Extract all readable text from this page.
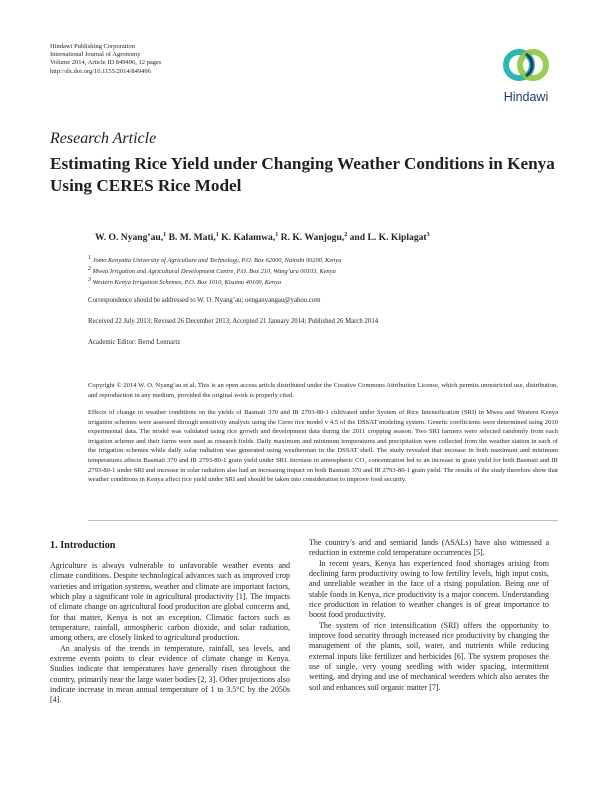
Hindawi Publishing Corporation
International Journal of Agronomy
Volume 2014, Article ID 849496, 12 pages
http://dx.doi.org/10.1155/2014/849496
Hindawi
Research Article
Estimating Rice Yield under Changing Weather Conditions in Kenya Using CERES Rice Model
W. O. Nyang’au,$^1$ B. M. Mati,$^1$ K. Kalamwa,$^1$ R. K. Wanjogu,$^2$ and L. K. Kiplagat$^3$
$^1$ Jomo Kenyatta University of Agriculture and Technology, P.O. Box 62000, Nairobi 00200, Kenya
$^2$ Mwea Irrigation and Agricultural Development Centre, P.O. Box 210, Wang’uru 00103, Kenya
$^3$ Western Kenya Irrigation Schemes, P.O. Box 1010, Kisumu 40100, Kenya
Correspondence should be addressed to W. O. Nyang’au; oenganyangau@yahoo.com
Received 22 July 2013; Revised 26 December 2013; Accepted 21 January 2014; Published 26 March 2014
Academic Editor: Bernd Lennartz
Copyright © 2014 W. O. Nyang’au et al. This is an open access article distributed under the Creative Commons Attribution License, which permits unrestricted use, distribution, and reproduction in any medium, provided the original work is properly cited.
Effects of change in weather conditions on the yields of Basmati 370 and IR 2793-80-1 cultivated under System of Rice Intensification (SRI) in Mwea and Western Kenya irrigation schemes were assessed through sensitivity analysis using the Ceres rice model v 4.5 of the DSSAT modeling system. Genetic coefficients were determined using 2010 experimental data. The model was validated using rice growth and development data during the 2011 cropping season. Two SRI farmers were selected randomly from each irrigation scheme and their farms were used as research fields. Daily maximum and minimum temperatures and precipitation were collected from the weather station in each of the irrigation schemes while daily solar radiation was generated using weatherman in the DSSAT shell. The study revealed that increase in both maximum and minimum temperatures affects Basmati 370 and IR 2793-80-1 grain yield under SRI. Increase in atmospheric CO₂ concentration led to an increase in grain yield for both Basmati and IR 2793-80-1 under SRI and increase in solar radiation also had an increasing impact on both Basmati 370 and IR 2793-80-1 grain yield. The results of the study therefore show that weather conditions in Kenya affect rice yield under SRI and should be taken into consideration to improve food security.
1. Introduction

Agriculture is always vulnerable to unfavorable weather events and climate conditions. Despite technological advances such as improved crop varieties and irrigation systems, weather and climate are important factors, which play a significant role in agricultural productivity [1]. The impacts of climate change on agricultural food production are global concerns and, for that matter, Kenya is not an exception. Climatic factors such as temperature, rainfall, atmospheric carbon dioxide, and solar radiation, among others, are closely linked to agricultural production.

An analysis of the trends in temperature, rainfall, sea levels, and extreme events points to clear evidence of climate change in Kenya. Studies indicate that temperatures have generally risen throughout the country, primarily near the large water bodies [2, 3]. Other projections also indicate increase in mean annual temperature of 1 to 3.5°C by the 2050s [4].

The country’s arid and semiarid lands (ASALs) have also witnessed a reduction in extreme cold temperature occurrences [5].

In recent years, Kenya has experienced food shortages arising from declining farm productivity owing to low fertility levels, high input costs, and unreliable weather in the face of a rising population. Being one of stable foods in Kenya, rice productivity is a major concern. Understanding rice production in relation to weather changes is of great importance to boost food productivity.

The system of rice intensification (SRI) offers the opportunity to improve food security through increased rice productivity by changing the management of the plants, soil, water, and nutrients while reducing external inputs like fertilizer and herbicides [6]. The system proposes the use of single, very young seedling with wider spacing, intermittent wetting, and drying and use of mechanical weeders which also aerates the soil and enhances soil organic matter [7].
